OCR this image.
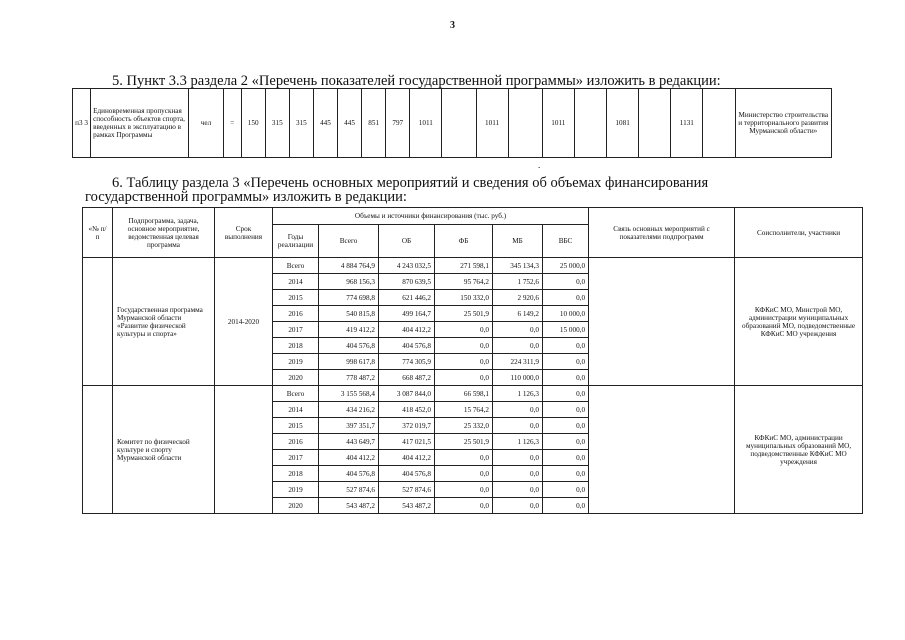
3
5. Пункт 3.3 раздела 2 «Перечень показателей государственной программы» изложить в редакции:
п3 3	Единовременная пропускная способность объектов спорта, введенных в эксплуатацию в рамках Программы	чел	=	150	315	315	445	445	851	797	1011		1011		1011		1081		1131		Министерство строительства и территориального развития Мурманской области»
.
6. Таблицу раздела 3 «Перечень основных мероприятий и сведения об объемах финансирования
государственной программы» изложить в редакции:
«№ п/п	Подпрограмма, задача, основное мероприятие, ведомственная целевая программа	Срок выполнения	Объемы и источники финансирования (тыс. руб.)						Связь основных мероприятий с показателями подпрограмм	Соисполнители, участники
			Годы реализации	Всего	ОБ	ФБ	МБ	ВБС		
	Государственная программа Мурманской области «Развитие физической культуры и спорта»	2014-2020	Всего	4 884 764,9	4 243 032,5	271 598,1	345 134,3	25 000,0		КФКиС МО, Минстрой МО, администрации муниципальных образований МО, подведомственные КФКиС МО учреждения
			2014	968 156,3	870 639,5	95 764,2	1 752,6	0,0		
			2015	774 698,8	621 446,2	150 332,0	2 920,6	0,0		
			2016	540 815,8	499 164,7	25 501,9	6 149,2	10 000,0		
			2017	419 412,2	404 412,2	0,0	0,0	15 000,0		
			2018	404 576,8	404 576,8	0,0	0,0	0,0		
			2019	998 617,8	774 305,9	0,0	224 311,9	0,0		
			2020	778 487,2	668 487,2	0,0	110 000,0	0,0		
	Комитет по физической культуре и спорту Мурманской области		Всего	3 155 568,4	3 087 844,0	66 598,1	1 126,3	0,0		КФКиС МО, администрации муниципальных образований МО, подведомственные КФКиС МО учреждения
			2014	434 216,2	418 452,0	15 764,2	0,0	0,0		
			2015	397 351,7	372 019,7	25 332,0	0,0	0,0		
			2016	443 649,7	417 021,5	25 501,9	1 126,3	0,0		
			2017	404 412,2	404 412,2	0,0	0,0	0,0		
			2018	404 576,8	404 576,8	0,0	0,0	0,0		
			2019	527 874,6	527 874,6	0,0	0,0	0,0		
			2020	543 487,2	543 487,2	0,0	0,0	0,0		
